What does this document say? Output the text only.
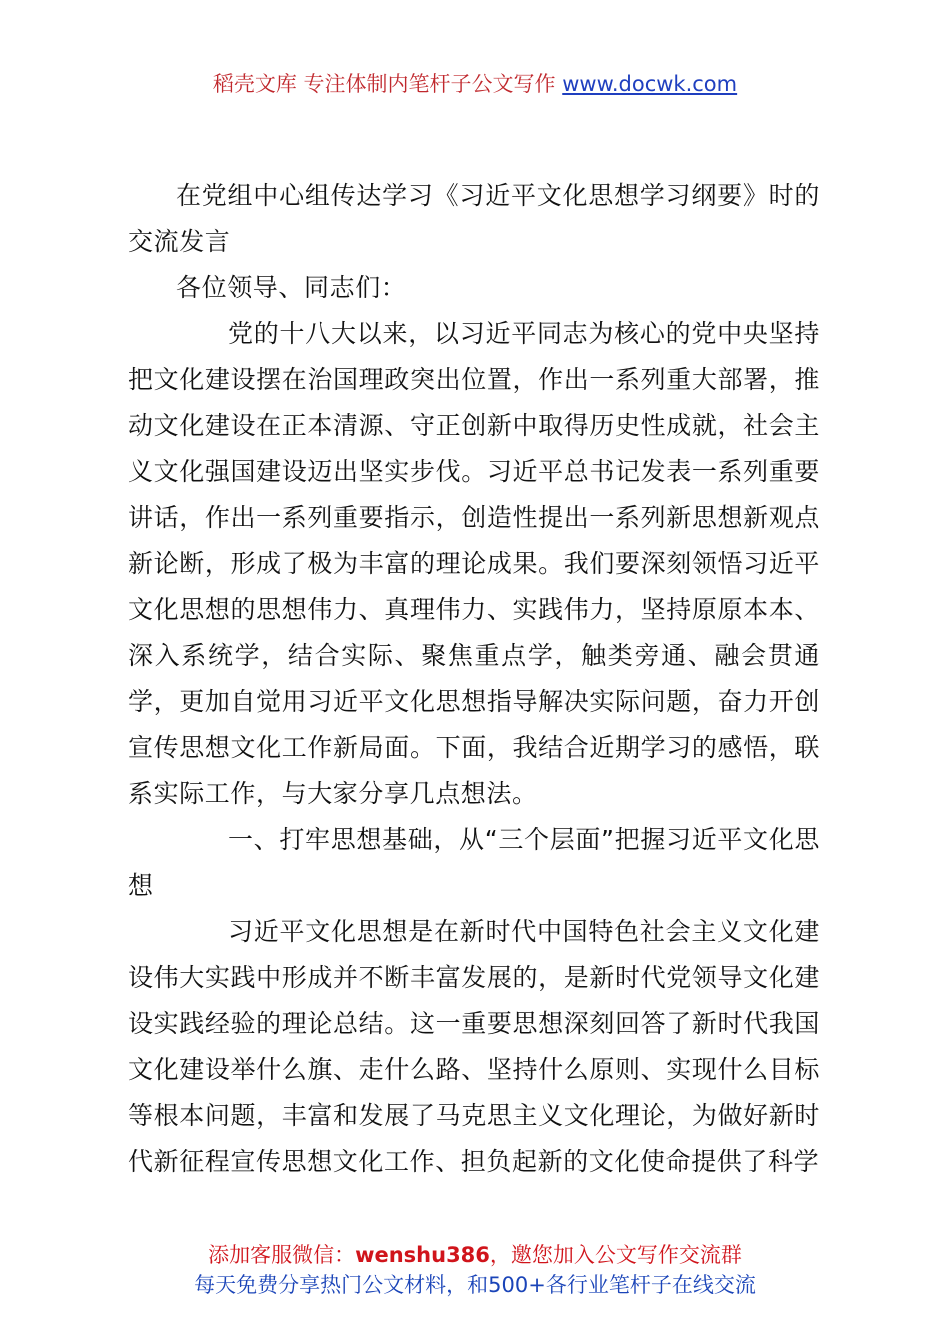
稻壳文库 专注体制内笔杆子公文写作 www.docwk.com

在党组中心组传达学习《习近平文化思想学习纲要》时的交流发言

各位领导、同志们：

党的十八大以来，以习近平同志为核心的党中央坚持把文化建设摆在治国理政突出位置，作出一系列重大部署，推动文化建设在正本清源、守正创新中取得历史性成就，社会主义文化强国建设迈出坚实步伐。习近平总书记发表一系列重要讲话，作出一系列重要指示，创造性提出一系列新思想新观点新论断，形成了极为丰富的理论成果。我们要深刻领悟习近平文化思想的思想伟力、真理伟力、实践伟力，坚持原原本本、深入系统学，结合实际、聚焦重点学，触类旁通、融会贯通学，更加自觉用习近平文化思想指导解决实际问题，奋力开创宣传思想文化工作新局面。下面，我结合近期学习的感悟，联系实际工作，与大家分享几点想法。

一、打牢思想基础，从“三个层面”把握习近平文化思想

习近平文化思想是在新时代中国特色社会主义文化建设伟大实践中形成并不断丰富发展的，是新时代党领导文化建设实践经验的理论总结。这一重要思想深刻回答了新时代我国文化建设举什么旗、走什么路、坚持什么原则、实现什么目标等根本问题，丰富和发展了马克思主义文化理论，为做好新时代新征程宣传思想文化工作、担负起新的文化使命提供了科学

添加客服微信：wenshu386，邀您加入公文写作交流群
每天免费分享热门公文材料，和500+各行业笔杆子在线交流
